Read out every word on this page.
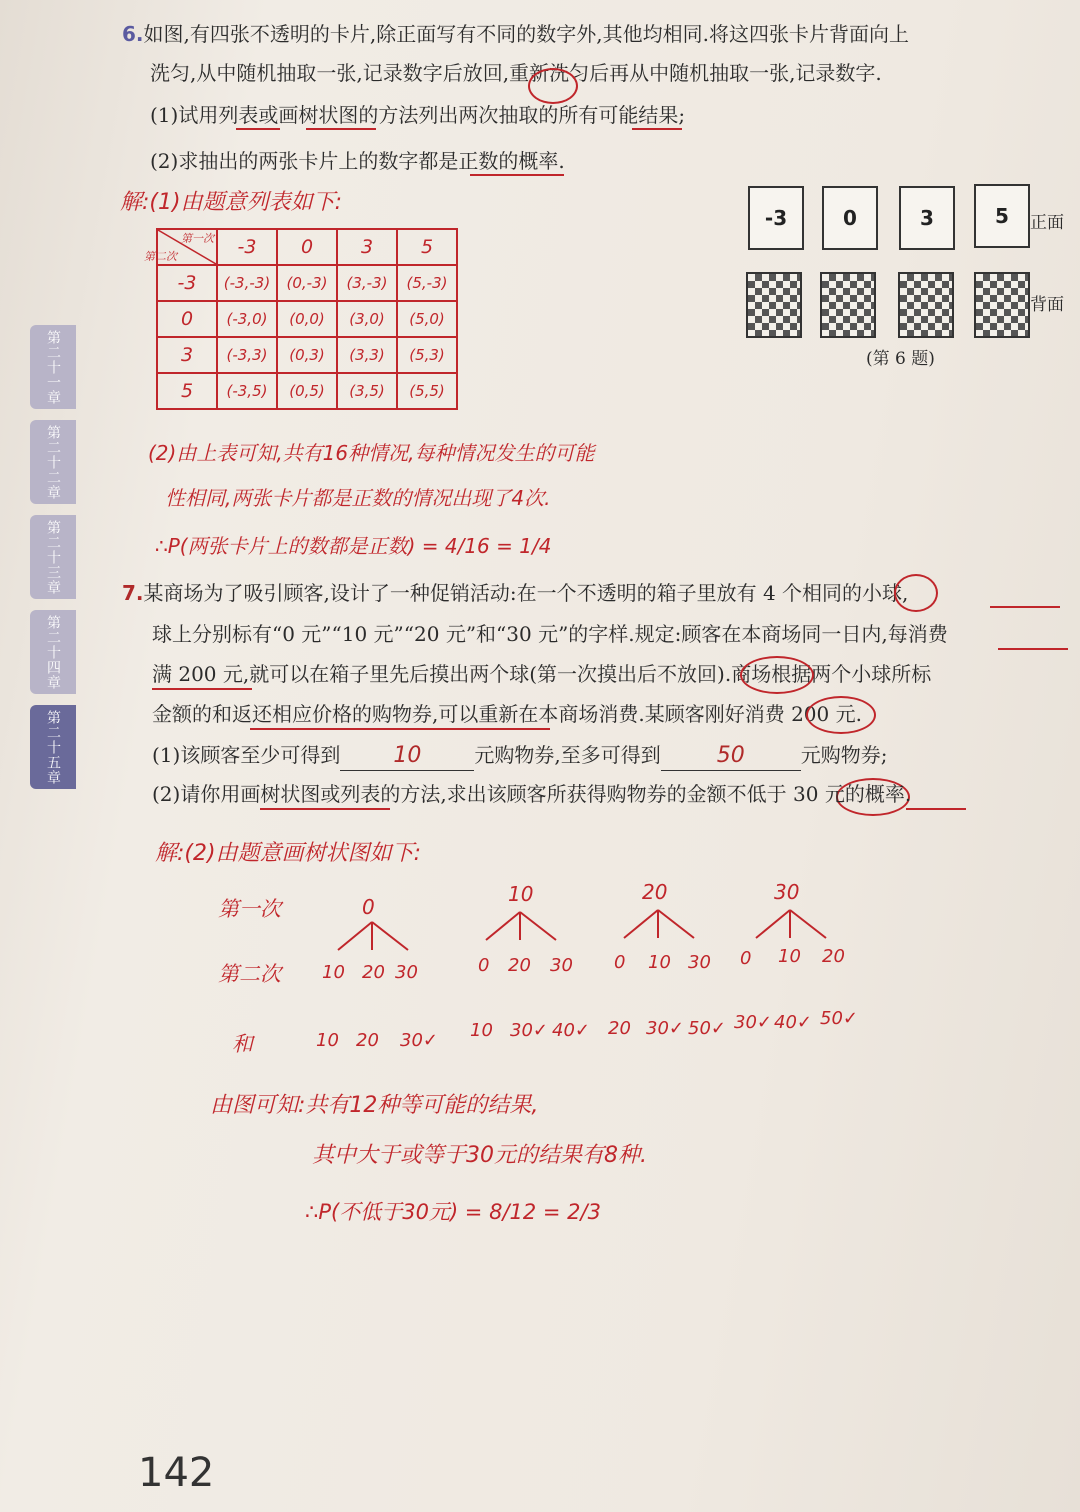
第二十一章
第二十二章
第二十三章
第二十四章
第二十五章
6.如图,有四张不透明的卡片,除正面写有不同的数字外,其他均相同.将这四张卡片背面向上
洗匀,从中随机抽取一张,记录数字后放回,重新洗匀后再从中随机抽取一张,记录数字.
(1)试用列表或画树状图的方法列出两次抽取的所有可能结果;
(2)求抽出的两张卡片上的数字都是正数的概率.
-3	0	3	5	正面
背面
(第 6 题)
解:(1)由题意列表如下:
第一次
第二次	-3	0	3	5
-3	(-3,-3)	(0,-3)	(3,-3)	(5,-3)
0	(-3,0)	(0,0)	(3,0)	(5,0)
3	(-3,3)	(0,3)	(3,3)	(5,3)
5	(-3,5)	(0,5)	(3,5)	(5,5)
(2)由上表可知,共有16种情况,每种情况发生的可能
性相同,两张卡片都是正数的情况出现了4次.
∴P(两张卡片上的数都是正数) = 4/16 = 1/4
7.某商场为了吸引顾客,设计了一种促销活动:在一个不透明的箱子里放有 4 个相同的小球,
球上分别标有“0 元”“10 元”“20 元”和“30 元”的字样.规定:顾客在本商场同一日内,每消费
满 200 元,就可以在箱子里先后摸出两个球(第一次摸出后不放回).商场根据两个小球所标
金额的和返还相应价格的购物券,可以重新在本商场消费.某顾客刚好消费 200 元.
(1)该顾客至少可得到 10	元购物券,至多可得到	50	元购物券;
(2)请你用画树状图或列表的方法,求出该顾客所获得购物券的金额不低于 30 元的概率.
解:(2)由题意画树状图如下:
第一次
第二次
和
0
10 20 30
10 20 30✓
10
0 20 30
10 30✓ 40✓
20
0 10 30
20 30✓ 50✓
30
0 10 20
30✓ 40✓ 50✓
由图可知:共有12种等可能的结果,
其中大于或等于30元的结果有8种.
∴P(不低于30元) = 8/12 = 2/3
142
